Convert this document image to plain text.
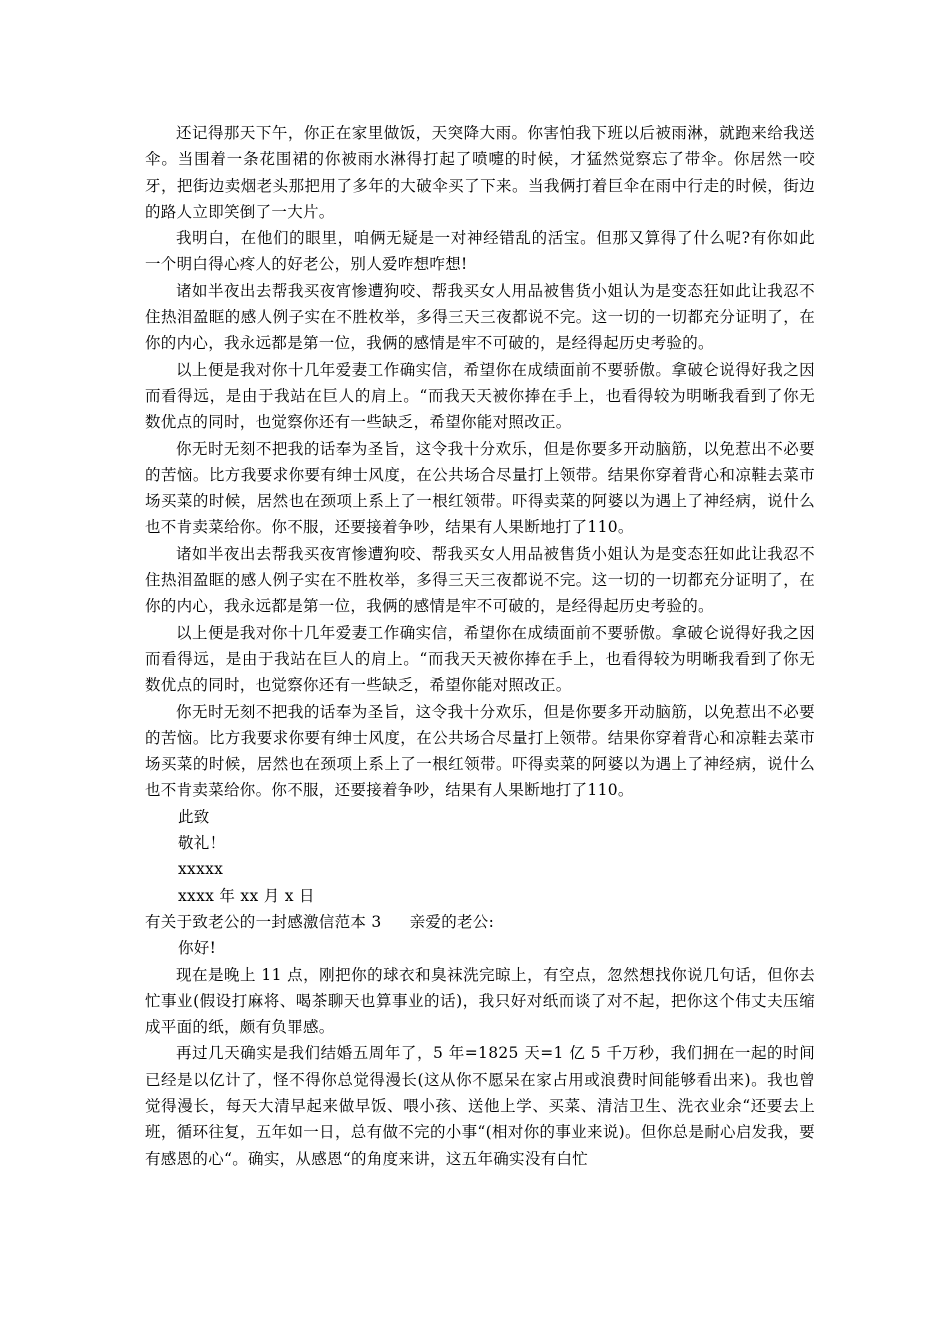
还记得那天下午，你正在家里做饭，天突降大雨。你害怕我下班以后被雨淋，就跑来给我送伞。当围着一条花围裙的你被雨水淋得打起了喷嚏的时候，才猛然觉察忘了带伞。你居然一咬牙，把街边卖烟老头那把用了多年的大破伞买了下来。当我俩打着巨伞在雨中行走的时候，街边的路人立即笑倒了一大片。

我明白，在他们的眼里，咱俩无疑是一对神经错乱的活宝。但那又算得了什么呢?有你如此一个明白得心疼人的好老公，别人爱咋想咋想!

诸如半夜出去帮我买夜宵惨遭狗咬、帮我买女人用品被售货小姐认为是变态狂如此让我忍不住热泪盈眶的感人例子实在不胜枚举，多得三天三夜都说不完。这一切的一切都充分证明了，在你的内心，我永远都是第一位，我俩的感情是牢不可破的，是经得起历史考验的。

以上便是我对你十几年爱妻工作确实信，希望你在成绩面前不要骄傲。拿破仑说得好我之因而看得远，是由于我站在巨人的肩上。“而我天天被你捧在手上，也看得较为明晰我看到了你无数优点的同时，也觉察你还有一些缺乏，希望你能对照改正。

你无时无刻不把我的话奉为圣旨，这令我十分欢乐，但是你要多开动脑筋，以免惹出不必要的苦恼。比方我要求你要有绅士风度，在公共场合尽量打上领带。结果你穿着背心和凉鞋去菜市场买菜的时候，居然也在颈项上系上了一根红领带。吓得卖菜的阿婆以为遇上了神经病，说什么也不肯卖菜给你。你不服，还要接着争吵，结果有人果断地打了110。

诸如半夜出去帮我买夜宵惨遭狗咬、帮我买女人用品被售货小姐认为是变态狂如此让我忍不住热泪盈眶的感人例子实在不胜枚举，多得三天三夜都说不完。这一切的一切都充分证明了，在你的内心，我永远都是第一位，我俩的感情是牢不可破的，是经得起历史考验的。

以上便是我对你十几年爱妻工作确实信，希望你在成绩面前不要骄傲。拿破仑说得好我之因而看得远，是由于我站在巨人的肩上。“而我天天被你捧在手上，也看得较为明晰我看到了你无数优点的同时，也觉察你还有一些缺乏，希望你能对照改正。

你无时无刻不把我的话奉为圣旨，这令我十分欢乐，但是你要多开动脑筋，以免惹出不必要的苦恼。比方我要求你要有绅士风度，在公共场合尽量打上领带。结果你穿着背心和凉鞋去菜市场买菜的时候，居然也在颈项上系上了一根红领带。吓得卖菜的阿婆以为遇上了神经病，说什么也不肯卖菜给你。你不服，还要接着争吵，结果有人果断地打了110。

此致

敬礼！

xxxxx

xxxx 年 xx 月 x 日

有关于致老公的一封感激信范本 3 亲爱的老公:

你好!

现在是晚上 11 点，刚把你的球衣和臭袜洗完晾上，有空点，忽然想找你说几句话，但你去忙事业(假设打麻将、喝茶聊天也算事业的话)，我只好对纸而谈了对不起，把你这个伟丈夫压缩成平面的纸，颇有负罪感。

再过几天确实是我们结婚五周年了，5 年=1825 天=1 亿 5 千万秒，我们拥在一起的时间已经是以亿计了，怪不得你总觉得漫长(这从你不愿呆在家占用或浪费时间能够看出来)。我也曾觉得漫长，每天大清早起来做早饭、喂小孩、送他上学、买菜、清洁卫生、洗衣业余“还要去上班，循环往复，五年如一日，总有做不完的小事“(相对你的事业来说)。但你总是耐心启发我，要有感恩的心“。确实，从感恩“的角度来讲，这五年确实没有白忙
